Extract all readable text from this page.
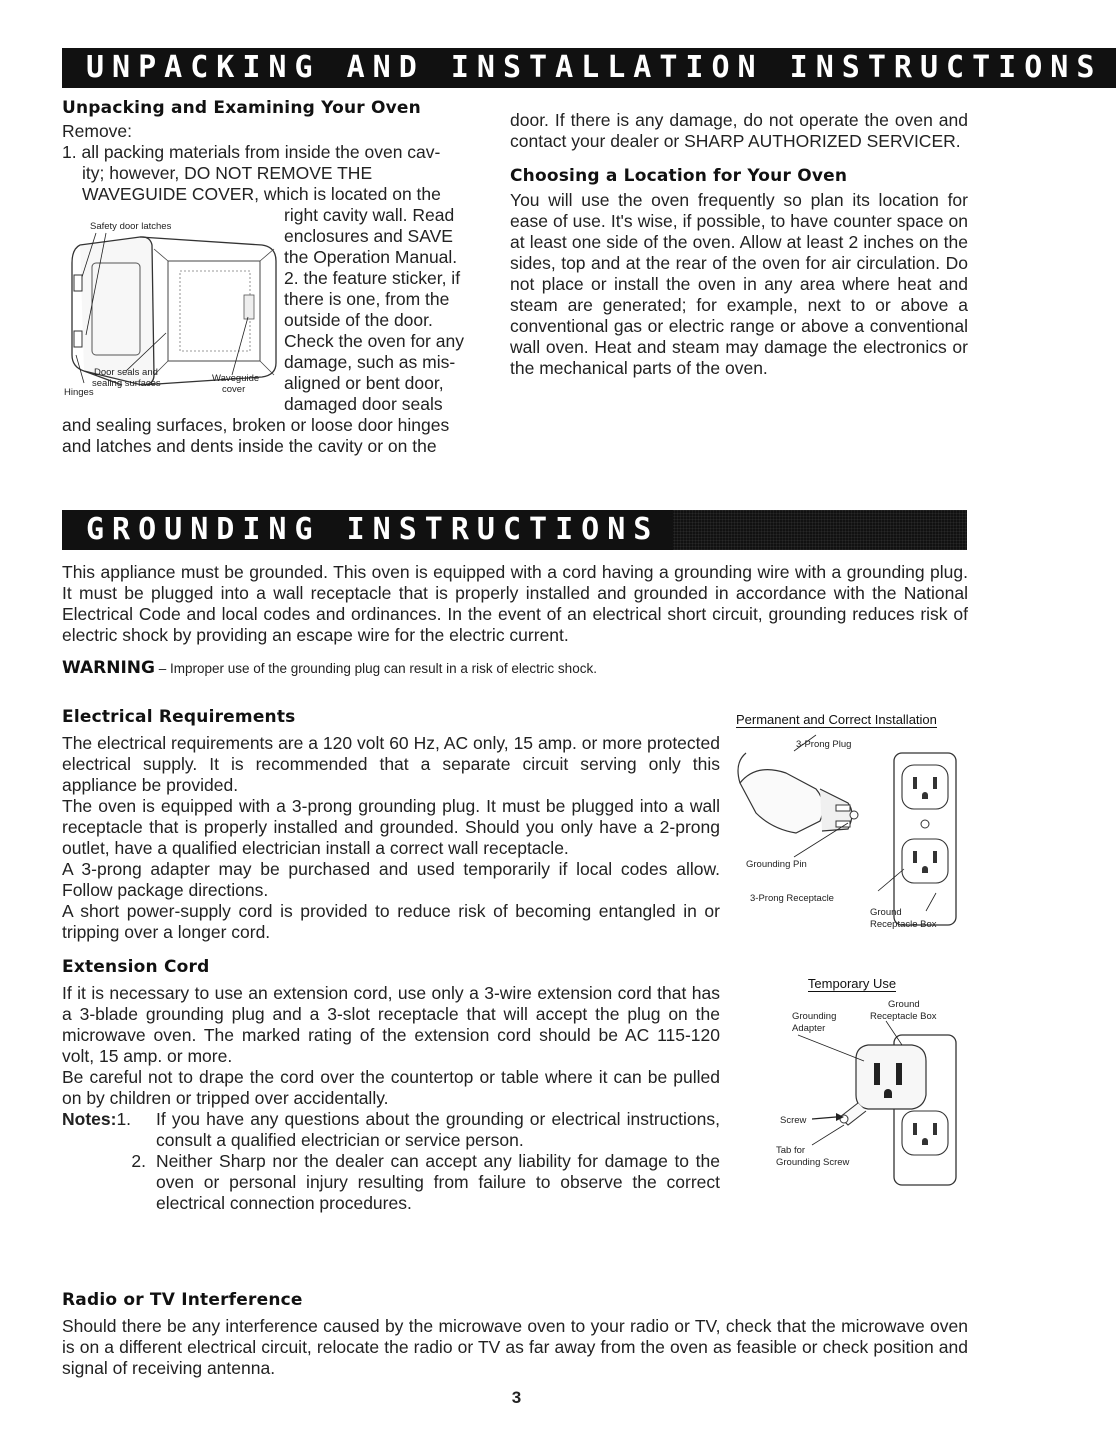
UNPACKING AND INSTALLATION INSTRUCTIONS
Unpacking and Examining Your Oven

Remove:

1. all packing materials from inside the oven cav-

ity; however, DO NOT REMOVE THE

WAVEGUIDE COVER, which is located on the

Safety door latches
Door seals and
sealing surfaces	Waveguide
cover
Hinges

right cavity wall. Read

enclosures and SAVE

the Operation Manual.

2. the feature sticker, if

there is one, from the

outside of the door.

Check the oven for any

damage, such as mis-

aligned or bent door,

damaged door seals

and sealing surfaces, broken or loose door hinges

and latches and dents inside the cavity or on the

door. If there is any damage, do not operate the oven and contact your dealer or SHARP AUTHORIZED SERVICER.

Choosing a Location for Your Oven

You will use the oven frequently so plan its location for ease of use. It's wise, if possible, to have counter space on at least one side of the oven. Allow at least 2 inches on the sides, top and at the rear of the oven for air circulation. Do not place or install the oven in any area where heat and steam are generated; for example, next to or above a conventional gas or electric range or above a conventional wall oven. Heat and steam may damage the electronics or the mechanical parts of the oven.

GROUNDING INSTRUCTIONS

This appliance must be grounded. This oven is equipped with a cord having a grounding wire with a grounding plug. It must be plugged into a wall receptacle that is properly installed and grounded in accordance with the National Electrical Code and local codes and ordinances. In the event of an electrical short circuit, grounding reduces risk of electric shock by providing an escape wire for the electric current.

WARNING – Improper use of the grounding plug can result in a risk of electric shock.

Electrical Requirements

The electrical requirements are a 120 volt 60 Hz, AC only, 15 amp. or more protected electrical supply. It is recommended that a separate circuit serving only this appliance be provided.

The oven is equipped with a 3-prong grounding plug. It must be plugged into a wall receptacle that is properly installed and grounded. Should you only have a 2-prong outlet, have a qualified electrician install a correct wall receptacle.

A 3-prong adapter may be purchased and used temporarily if local codes allow. Follow package directions.

A short power-supply cord is provided to reduce risk of becoming entangled in or tripping over a longer cord.

Extension Cord

If it is necessary to use an extension cord, use only a 3-wire extension cord that has a 3-blade grounding plug and a 3-slot receptacle that will accept the plug on the microwave oven. The marked rating of the extension cord should be AC 115-120 volt, 15 amp. or more.

Be careful not to drape the cord over the countertop or table where it can be pulled on by children or tripped over accidentally.

Notes:1.	If you have any questions about the grounding or electrical instructions, consult a qualified electrician or service person.
2. Neither Sharp nor the dealer can accept any liability for damage to the oven or personal injury resulting from failure to observe the correct electrical connection procedures.
Permanent and Correct Installation
3-Prong Plug
Grounding Pin
3-Prong Receptacle
Ground
Receptacle Box
Temporary Use
Ground
Receptacle Box
Grounding
Adapter
Screw
Tab for
Grounding Screw
Radio or TV Interference

Should there be any interference caused by the microwave oven to your radio or TV, check that the microwave oven is on a different electrical circuit, relocate the radio or TV as far away from the oven as feasible or check position and signal of receiving antenna.

3
